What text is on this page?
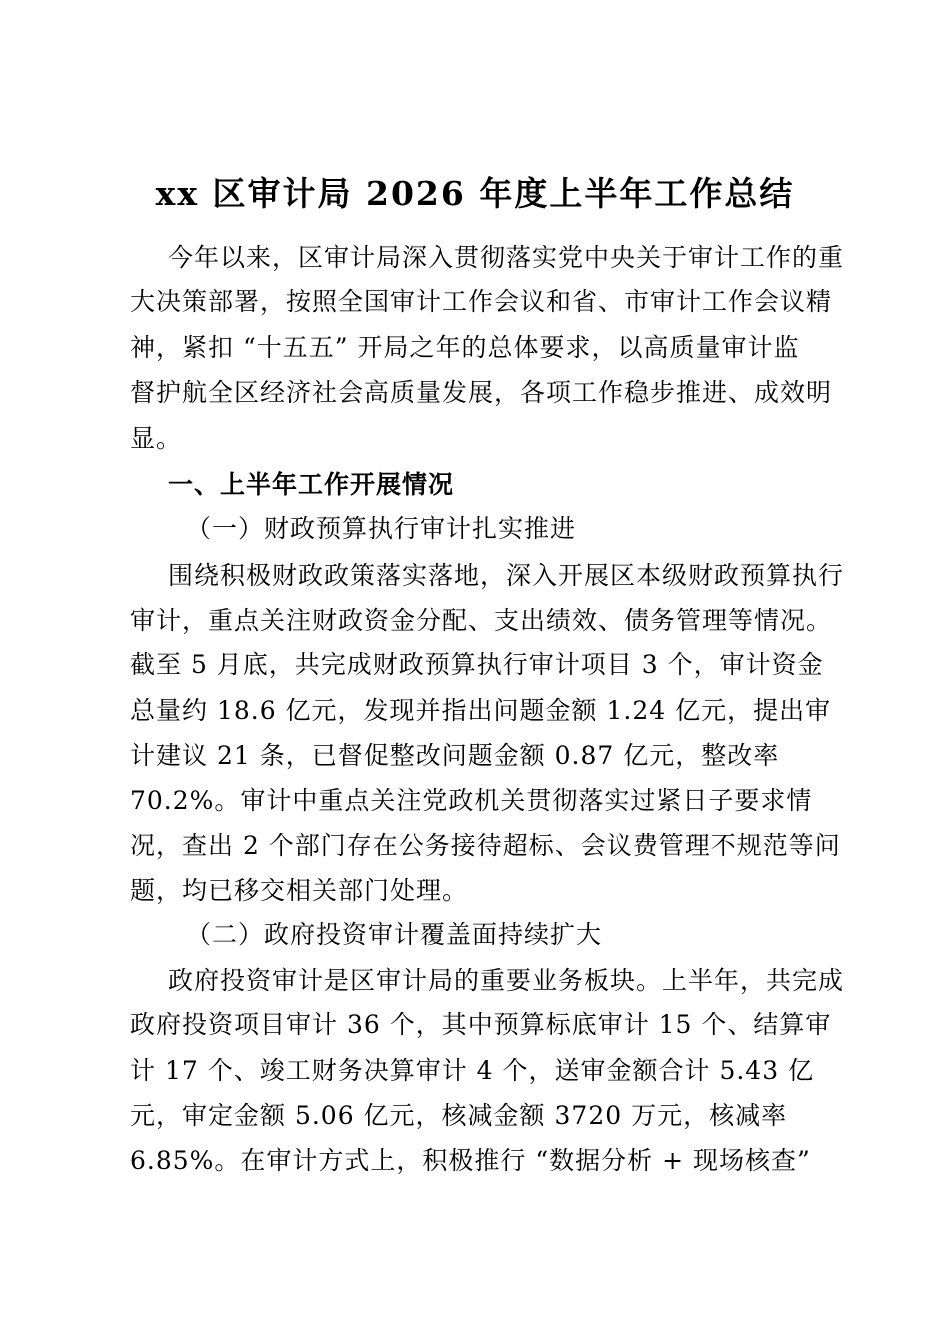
xx 区审计局 2026 年度上半年工作总结
今年以来，区审计局深入贯彻落实党中央关于审计工作的重
大决策部署，按照全国审计工作会议和省、市审计工作会议精
神，紧扣 “十五五” 开局之年的总体要求，以高质量审计监
督护航全区经济社会高质量发展，各项工作稳步推进、成效明
显。
一、上半年工作开展情况
（一）财政预算执行审计扎实推进
围绕积极财政政策落实落地，深入开展区本级财政预算执行
审计，重点关注财政资金分配、支出绩效、债务管理等情况。
截至 5 月底，共完成财政预算执行审计项目 3 个，审计资金
总量约 18.6 亿元，发现并指出问题金额 1.24 亿元，提出审
计建议 21 条，已督促整改问题金额 0.87 亿元，整改率
70.2%。审计中重点关注党政机关贯彻落实过紧日子要求情
况，查出 2 个部门存在公务接待超标、会议费管理不规范等问
题，均已移交相关部门处理。
（二）政府投资审计覆盖面持续扩大
政府投资审计是区审计局的重要业务板块。上半年，共完成
政府投资项目审计 36 个，其中预算标底审计 15 个、结算审
计 17 个、竣工财务决算审计 4 个，送审金额合计 5.43 亿
元，审定金额 5.06 亿元，核减金额 3720 万元，核减率
6.85%。在审计方式上，积极推行 “数据分析 + 现场核查”
